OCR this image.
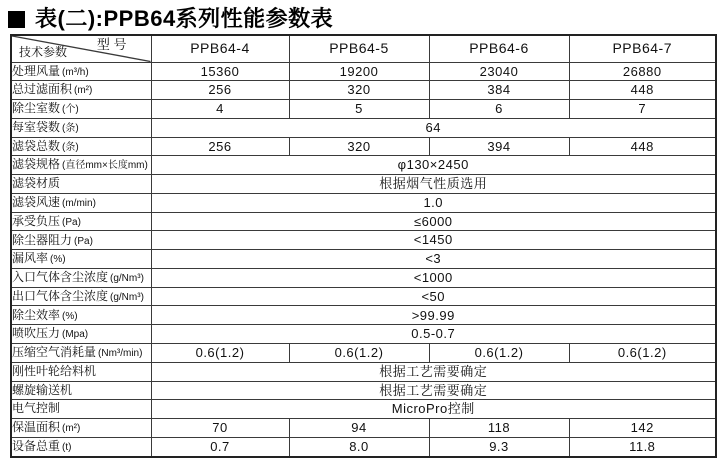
表(二):PPB64系列性能参数表
型 号
技术参数	PPB64-4	PPB64-5	PPB64-6	PPB64-7
处理风量 (m³/h)	15360	19200	23040	26880
总过滤面积 (m²)	256	320	384	448
除尘室数 (个)	4	5	6	7
每室袋数 (条)	64			
滤袋总数 (条)	256	320	394	448
滤袋规格 (直径mm×长度mm)	φ130×2450			
滤袋材质	根据烟气性质选用			
滤袋风速 (m/min)	1.0			
承受负压 (Pa)	≤6000			
除尘器阻力 (Pa)	<1450			
漏风率 (%)	<3			
入口气体含尘浓度 (g/Nm³)	<1000			
出口气体含尘浓度 (g/Nm³)	<50			
除尘效率 (%)	>99.99			
喷吹压力 (Mpa)	0.5-0.7			
压缩空气消耗量 (Nm³/min)	0.6(1.2)	0.6(1.2)	0.6(1.2)	0.6(1.2)
刚性叶轮给料机	根据工艺需要确定			
螺旋输送机	根据工艺需要确定			
电气控制	MicroPro控制			
保温面积 (m²)	70	94	118	142
设备总重 (t)	0.7	8.0	9.3	11.8
